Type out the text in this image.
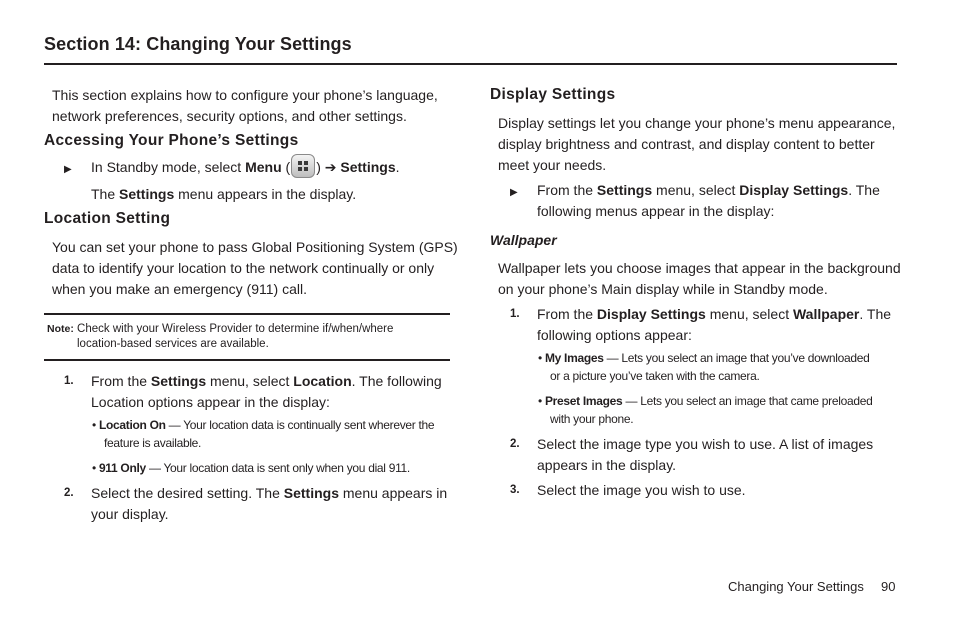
Section 14: Changing Your Settings
This section explains how to configure your phone’s language,
network preferences, security options, and other settings.
Accessing Your Phone’s Settings
▶ In Standby mode, select Menu ( ) ➔ Settings.
The Settings menu appears in the display.
Location Setting
You can set your phone to pass Global Positioning System (GPS)
data to identify your location to the network continually or only
when you make an emergency (911) call.
Note: Check with your Wireless Provider to determine if/when/where
location-based services are available.
1. From the Settings menu, select Location. The following
Location options appear in the display:
• Location On — Your location data is continually sent wherever the
feature is available.
• 911 Only — Your location data is sent only when you dial 911.
2. Select the desired setting. The Settings menu appears in
your display.
Display Settings
Display settings let you change your phone’s menu appearance,
display brightness and contrast, and display content to better
meet your needs.
▶ From the Settings menu, select Display Settings. The
following menus appear in the display:
Wallpaper
Wallpaper lets you choose images that appear in the background
on your phone’s Main display while in Standby mode.
1. From the Display Settings menu, select Wallpaper. The
following options appear:
• My Images — Lets you select an image that you’ve downloaded
or a picture you’ve taken with the camera.
• Preset Images — Lets you select an image that came preloaded
with your phone.
2. Select the image type you wish to use. A list of images
appears in the display.
3. Select the image you wish to use.
Changing Your Settings 90
